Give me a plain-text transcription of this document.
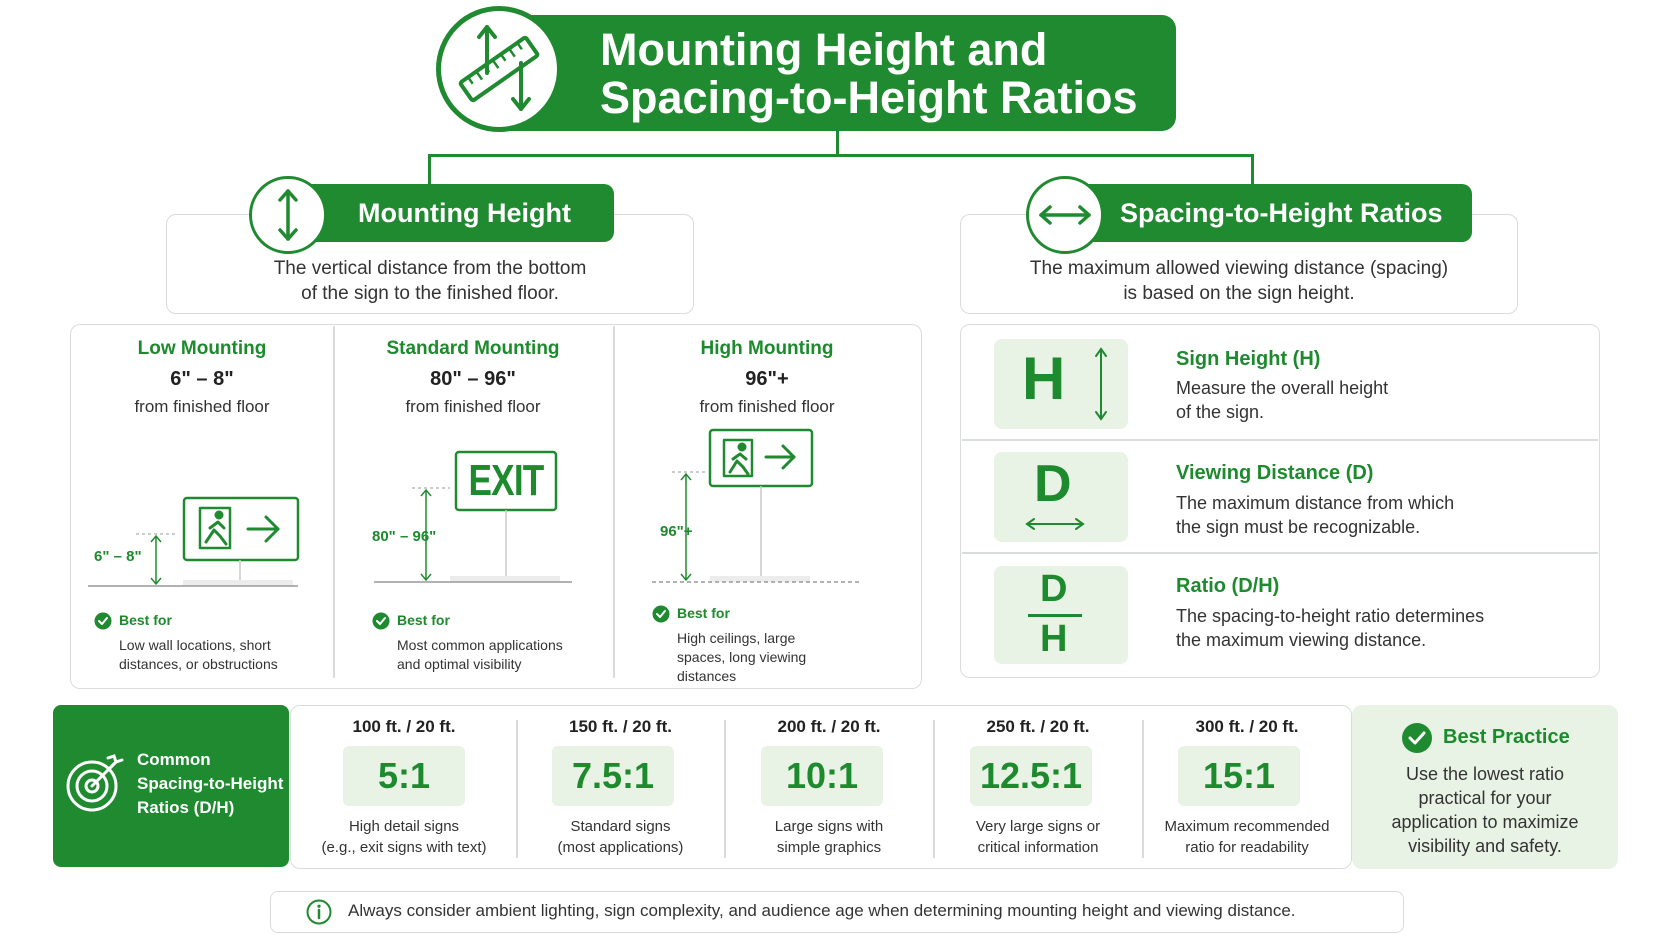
Mounting Height and
Spacing-to-Height Ratios
Mounting Height
The vertical distance from the bottom
of the sign to the finished floor.
Low Mounting
6" – 8"
from finished floor
6" – 8"
Best for
Low wall locations, short
distances, or obstructions
Standard Mounting
80" – 96"
from finished floor
EXIT
80" – 96"
Best for
Most common applications
and optimal visibility
High Mounting
96"+
from finished floor
96"+
Best for
High ceilings, large
spaces, long viewing
distances
Spacing-to-Height Ratios
The maximum allowed viewing distance (spacing)
is based on the sign height.
H	Sign Height (H)
Measure the overall height
of the sign.
D	Viewing Distance (D)
The maximum distance from which
the sign must be recognizable.
D
H
Ratio (D/H)
The spacing-to-height ratio determines
the maximum viewing distance.
Common
Spacing-to-Height
Ratios (D/H)
100 ft. / 20 ft.
5:1
High detail signs
(e.g., exit signs with text)
150 ft. / 20 ft.
7.5:1
Standard signs
(most applications)
200 ft. / 20 ft.
10:1
Large signs with
simple graphics
250 ft. / 20 ft.
12.5:1
Very large signs or
critical information
300 ft. / 20 ft.
15:1
Maximum recommended
ratio for readability
Best Practice
Use the lowest ratio
practical for your
application to maximize
visibility and safety.
Always consider ambient lighting, sign complexity, and audience age when determining mounting height and viewing distance.
